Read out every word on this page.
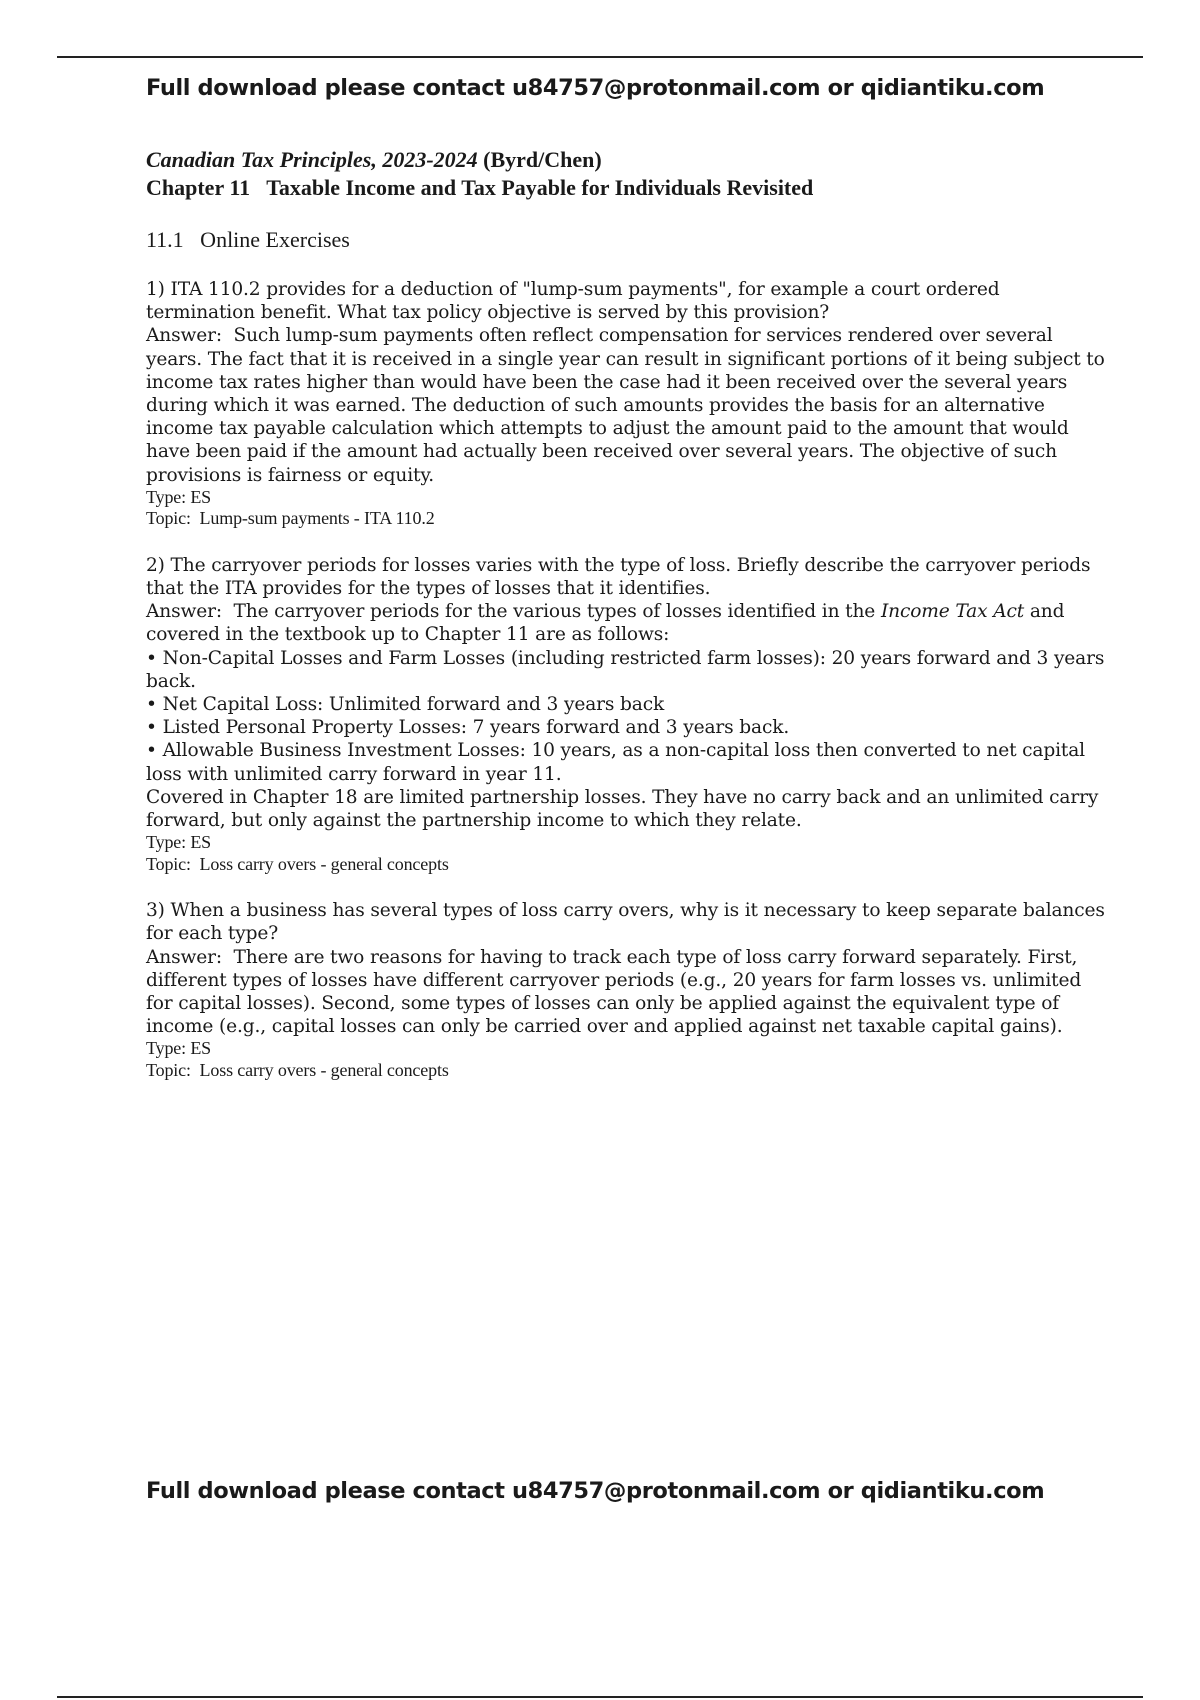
Full download please contact u84757@protonmail.com or qidiantiku.com
Canadian Tax Principles, 2023-2024 (Byrd/Chen)
Chapter 11   Taxable Income and Tax Payable for Individuals Revisited
11.1   Online Exercises

1) ITA 110.2 provides for a deduction of "lump-sum payments", for example a court ordered termination benefit. What tax policy objective is served by this provision?

Answer:  Such lump-sum payments often reflect compensation for services rendered over several years. The fact that it is received in a single year can result in significant portions of it being subject to income tax rates higher than would have been the case had it been received over the several years during which it was earned. The deduction of such amounts provides the basis for an alternative income tax payable calculation which attempts to adjust the amount paid to the amount that would have been paid if the amount had actually been received over several years. The objective of such provisions is fairness or equity.

Type: ES

Topic:  Lump-sum payments - ITA 110.2

2) The carryover periods for losses varies with the type of loss. Briefly describe the carryover periods that the ITA provides for the types of losses that it identifies.

Answer:  The carryover periods for the various types of losses identified in the Income Tax Act and covered in the textbook up to Chapter 11 are as follows:

• Non-Capital Losses and Farm Losses (including restricted farm losses): 20 years forward and 3 years back.

• Net Capital Loss: Unlimited forward and 3 years back

• Listed Personal Property Losses: 7 years forward and 3 years back.

• Allowable Business Investment Losses: 10 years, as a non-capital loss then converted to net capital loss with unlimited carry forward in year 11.

Covered in Chapter 18 are limited partnership losses. They have no carry back and an unlimited carry forward, but only against the partnership income to which they relate.

Type: ES

Topic:  Loss carry overs - general concepts

3) When a business has several types of loss carry overs, why is it necessary to keep separate balances for each type?

Answer:  There are two reasons for having to track each type of loss carry forward separately. First, different types of losses have different carryover periods (e.g., 20 years for farm losses vs. unlimited for capital losses). Second, some types of losses can only be applied against the equivalent type of income (e.g., capital losses can only be carried over and applied against net taxable capital gains).

Type: ES

Topic:  Loss carry overs - general concepts

Full download please contact u84757@protonmail.com or qidiantiku.com
